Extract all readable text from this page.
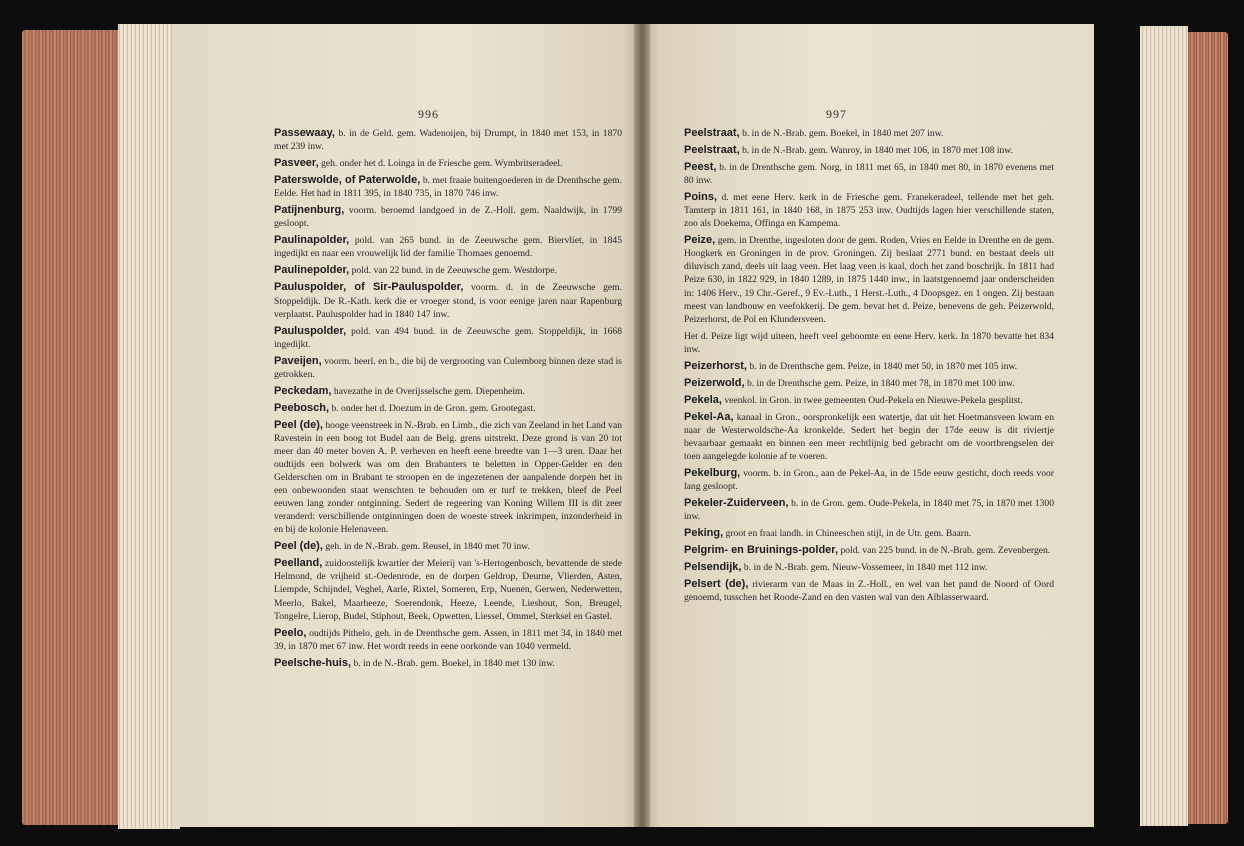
996

Passewaay, b. in de Geld. gem. Wadenoijen, bij Drumpt, in 1840 met 153, in 1870 met 239 inw.

Pasveer, geh. onder het d. Loinga in de Friesche gem. Wymbritseradeel.

Paterswolde, of Paterwolde, b. met fraaie buitengoederen in de Drenthsche gem. Eelde. Het had in 1811 395, in 1840 735, in 1870 746 inw.

Patijnenburg, voorm. beroemd landgoed in de Z.-Holl. gem. Naaldwijk, in 1799 gesloopt.

Paulinapolder, pold. van 265 bund. in de Zeeuwsche gem. Biervliet, in 1845 ingedijkt en naar een vrouwelijk lid der familie Thomaes genoemd.

Paulinepolder, pold. van 22 bund. in de Zeeuwsche gem. Westdorpe.

Pauluspolder, of Sir-Pauluspolder, voorm. d. in de Zeeuwsche gem. Stoppeldijk. De R.-Kath. kerk die er vroeger stond, is voor eenige jaren naar Rapenburg verplaatst. Pauluspolder had in 1840 147 inw.

Pauluspolder, pold. van 494 bund. in de Zeeuwsche gem. Stoppeldijk, in 1668 ingedijkt.

Paveijen, voorm. heerl. en b., die bij de vergrooting van Culemborg binnen deze stad is getrokken.

Peckedam, havezathe in de Overijsselsche gem. Diepenheim.

Peebosch, b. onder het d. Doezum in de Gron. gem. Grootegast.

Peel (de), hooge veenstreek in N.-Brab. en Limb., die zich van Zeeland in het Land van Ravestein in een boog tot Budel aan de Belg. grens uitstrekt. Deze grond is van 20 tot meer dan 40 meter boven A. P. verheven en heeft eene breedte van 1—3 uren. Daar het oudtijds een bolwerk was om den Brabanters te beletten in Opper-Gelder en den Gelderschen om in Brabant te stroopen en de ingezetenen der aanpalende dorpen het in een onbewoonden staat wenschten te behouden om er turf te trekken, bleef de Peel eeuwen lang zonder ontginning. Sedert de regeering van Koning Willem III is dit zeer veranderd: verschillende ontginningen doen de woeste streek inkrimpen, inzonderheid in en bij de kolonie Helenaveen.

Peel (de), geh. in de N.-Brab. gem. Reusel, in 1840 met 70 inw.

Peelland, zuidoostelijk kwartier der Meierij van 's-Hertogenbosch, bevattende de stede Helmond, de vrijheid st.-Oedenrode, en de dorpen Geldrop, Deurne, Vlierden, Asten, Liempde, Schijndel, Veghel, Aarle, Rixtel, Someren, Erp, Nuenen, Gerwen, Nederwetten, Meerlo, Bakel, Maarheeze, Soerendonk, Heeze, Leende, Lieshout, Son, Breugel, Tongelre, Lierop, Budel, Stiphout, Beek, Opwetten, Liessel, Ommel, Sterksel en Gastel.

Peelo, oudtijds Pithelo, geh. in de Drenthsche gem. Assen, in 1811 met 34, in 1840 met 39, in 1870 met 67 inw. Het wordt reeds in eene oorkonde van 1040 vermeld.

Peelsche-huis, b. in de N.-Brab. gem. Boekel, in 1840 met 130 inw.

997

Peelstraat, b. in de N.-Brab. gem. Boekel, in 1840 met 207 inw.

Peelstraat, b. in de N.-Brab. gem. Wanroy, in 1840 met 106, in 1870 met 108 inw.

Peest, b. in de Drenthsche gem. Norg, in 1811 met 65, in 1840 met 80, in 1870 evenens met 80 inw.

Poins, d. met eene Herv. kerk in de Friesche gem. Franekeradeel, tellende met het geh. Tamterp in 1811 161, in 1840 168, in 1875 253 inw. Oudtijds lagen hier verschillende staten, zoo als Doekema, Offinga en Kampema.

Peize, gem. in Drenthe, ingesloten door de gem. Roden, Vries en Eelde in Drenthe en de gem. Hoogkerk en Groningen in de prov. Groningen. Zij beslaat 2771 bund. en bestaat deels uit diluvisch zand, deels uit laag veen. Het laag veen is kaal, doch het zand boschrijk. In 1811 had Peize 630, in 1822 929, in 1840 1289, in 1875 1440 inw., in laatstgenoemd jaar onderscheiden in: 1406 Herv., 19 Chr.-Geref., 9 Ev.-Luth., 1 Herst.-Luth., 4 Doopsgez. en 1 ongen. Zij bestaan meest van landbouw en veefokkerij. De gem. bevat het d. Peize, benevens de geh. Peizerwold, Peizerhorst, de Pol en Klundersveen.

Het d. Peize ligt wijd uiteen, heeft veel geboomte en eene Herv. kerk. In 1870 bevatte het 834 inw.

Peizerhorst, b. in de Drenthsche gem. Peize, in 1840 met 50, in 1870 met 105 inw.

Peizerwold, b. in de Drenthsche gem. Peize, in 1840 met 78, in 1870 met 100 inw.

Pekela, veenkol. in Gron. in twee gemeenten Oud-Pekela en Nieuwe-Pekela gesplitst.

Pekel-Aa, kanaal in Gron., oorspronkelijk een watertje, dat uit het Hoetmansveen kwam en naar de Westerwoldsche-Aa kronkelde. Sedert het begin der 17de eeuw is dit riviertje bevaarbaar gemaakt en binnen een meer rechtlijnig bed gebracht om de voortbrengselen der toen aangelegde kolonie af te voeren.

Pekelburg, voorm. b. in Gron., aan de Pekel-Aa, in de 15de eeuw gesticht, doch reeds voor lang gesloopt.

Pekeler-Zuiderveen, b. in de Gron. gem. Oude-Pekela, in 1840 met 75, in 1870 met 1300 inw.

Peking, groot en fraai landh. in Chineeschen stijl, in de Utr. gem. Baarn.

Pelgrim- en Bruinings-polder, pold. van 225 bund. in de N.-Brab. gem. Zevenbergen.

Pelsendijk, b. in de N.-Brab. gem. Nieuw-Vossemeer, in 1840 met 112 inw.

Pelsert (de), rivierarm van de Maas in Z.-Holl., en wel van het pand de Noord of Oord genoemd, tusschen het Roode-Zand en den vasten wal van den Alblasserwaard.
